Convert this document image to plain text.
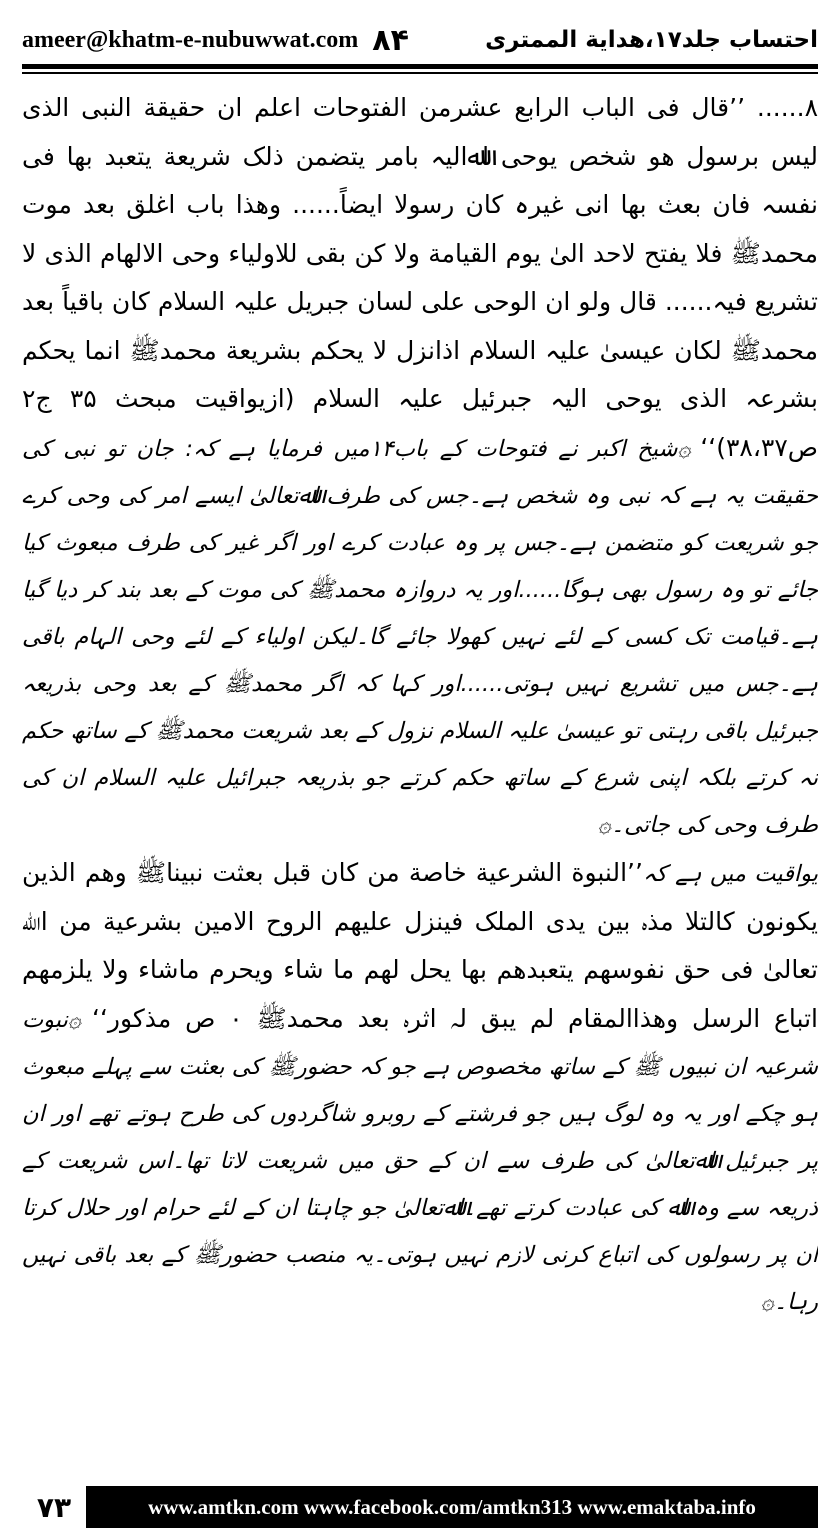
ameer@khatm-e-nubuwwat.com ۸۴	احتساب جلد۱۷،هدایة الممتری
۸...... ’’قال فی الباب الرابع عشرمن الفتوحات اعلم ان حقیقة النبی الذی لیس برسول ھو شخص یوحی اﷲالیہ بامر یتضمن ذلک شریعة یتعبد بھا فی نفسہ فان بعث بھا انی غیرہ کان رسولا ایضاً...... وھذا باب اغلق بعد موت محمدﷺ فلا یفتح لاحد الیٰ یوم القیامة ولا کن بقی للاولیاء وحی الالھام الذی لا تشریع فیہ...... قال ولو ان الوحی علی لسان جبریل علیہ السلام کان باقیاً بعد محمدﷺ لکان عیسیٰ علیہ السلام اذانزل لا یحکم بشریعة محمدﷺ انما یحکم بشرعہ الذی یوحی الیہ جبرئیل علیہ السلام (ازیواقیت مبحث ۳۵ ج۲ ص۳۸،۳۷)‘‘ ۞شیخ اکبر نے فتوحات کے باب۱۴میں فرمایا ہے کہ: جان تو نبی کی حقیقت یہ ہے کہ نبی وہ شخص ہے۔جس کی طرف اﷲتعالیٰ ایسے امر کی وحی کرے جو شریعت کو متضمن ہے۔جس پر وہ عبادت کرے اور اگر غیر کی طرف مبعوث کیا جائے تو وہ رسول بھی ہوگا......اور یہ دروازہ محمدﷺ کی موت کے بعد بند کر دیا گیا ہے۔قیامت تک کسی کے لئے نہیں کھولا جائے گا۔لیکن اولیاء کے لئے وحی الہام باقی ہے۔جس میں تشریع نہیں ہوتی......اور کہا کہ اگر محمدﷺ کے بعد وحی بذریعہ جبرئیل باقی رہتی تو عیسیٰ علیہ السلام نزول کے بعد شریعت محمدﷺ کے ساتھ حکم نہ کرتے بلکہ اپنی شرع کے ساتھ حکم کرتے جو بذریعہ جبرائیل علیہ السلام ان کی طرف وحی کی جاتی۔۞
یواقیت میں ہے کہ’’النبوة الشرعیة خاصة من کان قبل بعثت نبیناﷺ وھم الذین یکونون کالتلا مذہ بین یدی الملک فینزل علیھم الروح الامین بشرعیة من اﷲ تعالیٰ فی حق نفوسھم یتعبدھم بھا یحل لھم ما شاء ویحرم ماشاء ولا یلزمھم اتباع الرسل وھذاالمقام لم یبق لہ اثرہ بعد محمدﷺ ۰ ص مذکور‘‘ ۞نبوت شرعیہ ان نبیوں ﷺ کے ساتھ مخصوص ہے جو کہ حضورﷺ کی بعثت سے پہلے مبعوث ہو چکے اور یہ وہ لوگ ہیں جو فرشتے کے روبرو شاگردوں کی طرح ہوتے تھے اور ان پر جبرئیل اﷲتعالیٰ کی طرف سے ان کے حق میں شریعت لاتا تھا۔اس شریعت کے ذریعہ سے وہ اﷲ کی عبادت کرتے تھے۔اﷲتعالیٰ جو چاہتا ان کے لئے حرام اور حلال کرتا ان پر رسولوں کی اتباع کرنی لازم نہیں ہوتی۔یہ منصب حضورﷺ کے بعد باقی نہیں رہا۔۞
۷۳	www.amtkn.com www.facebook.com/amtkn313 www.emaktaba.info
